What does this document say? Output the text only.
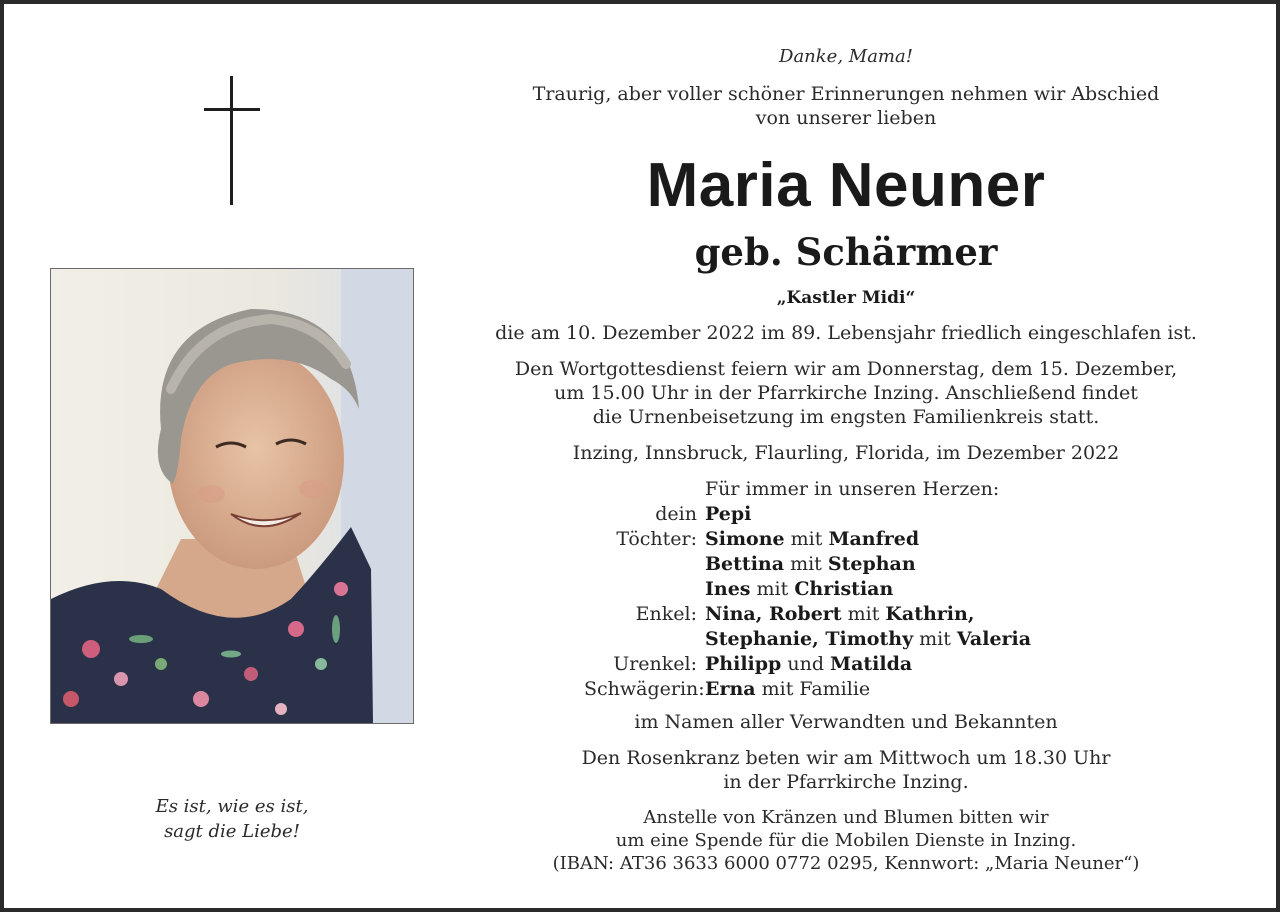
Es ist, wie es ist,
sagt die Liebe!
Danke, Mama!
Traurig, aber voller schöner Erinnerungen nehmen wir Abschied
von unserer lieben
Maria Neuner
geb. Schärmer
„Kastler Midi“
die am 10. Dezember 2022 im 89. Lebensjahr friedlich eingeschlafen ist.
Den Wortgottesdienst feiern wir am Donnerstag, dem 15. Dezember,
um 15.00 Uhr in der Pfarrkirche Inzing. Anschließend findet
die Urnenbeisetzung im engsten Familienkreis statt.
Inzing, Innsbruck, Flaurling, Florida, im Dezember 2022
Für immer in unseren Herzen:
dein Pepi
Töchter: Simone mit Manfred
Bettina mit Stephan
Ines mit Christian
Enkel: Nina, Robert mit Kathrin,
Stephanie, Timothy mit Valeria
Urenkel: Philipp und Matilda
Schwägerin: Erna mit Familie
im Namen aller Verwandten und Bekannten
Den Rosenkranz beten wir am Mittwoch um 18.30 Uhr
in der Pfarrkirche Inzing.
Anstelle von Kränzen und Blumen bitten wir
um eine Spende für die Mobilen Dienste in Inzing.
(IBAN: AT36 3633 6000 0772 0295, Kennwort: „Maria Neuner“)
